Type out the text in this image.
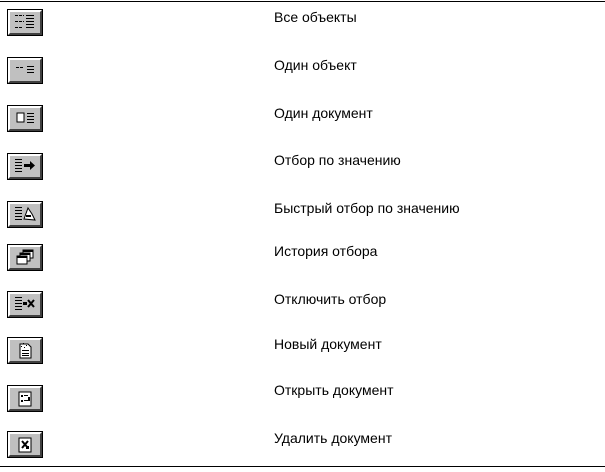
Все объекты
Один объект
Один документ
Отбор по значению
Быстрый отбор по значению
История отбора
Отключить отбор
Новый документ
Открыть документ
Удалить документ
